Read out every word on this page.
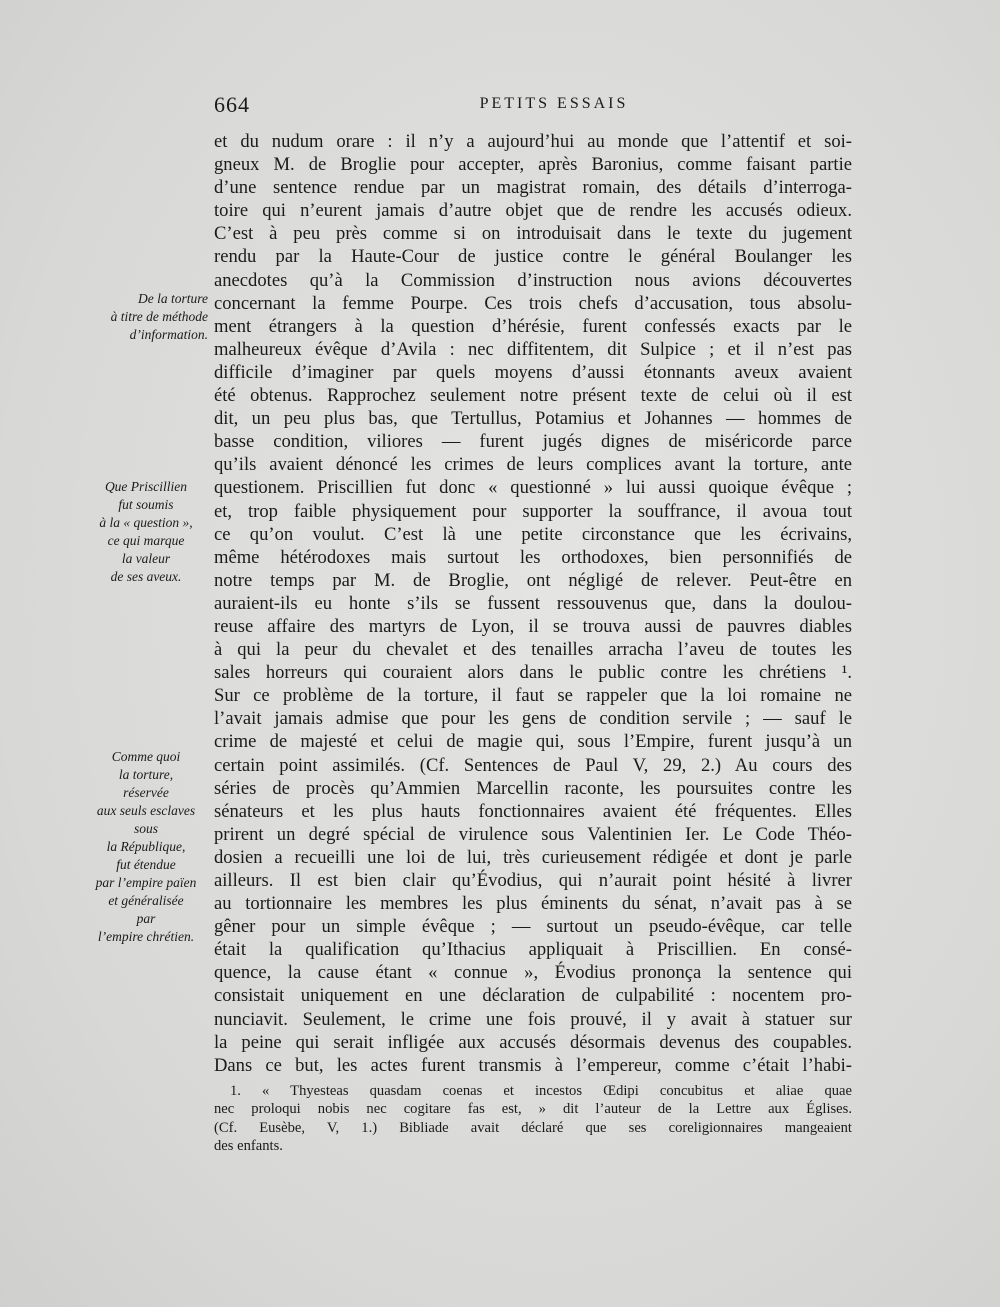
664	PETITS ESSAIS
De la torture
à titre de méthode
d’information.
Que Priscillien
fut soumis
à la « question »,
ce qui marque
la valeur
de ses aveux.
Comme quoi
la torture,
réservée
aux seuls esclaves
sous
la République,
fut étendue
par l’empire païen
et généralisée
par
l’empire chrétien.
et du nudum orare : il n’y a aujourd’hui au monde que l’attentif et soi-
gneux M. de Broglie pour accepter, après Baronius, comme faisant partie
d’une sentence rendue par un magistrat romain, des détails d’interroga-
toire qui n’eurent jamais d’autre objet que de rendre les accusés odieux.
C’est à peu près comme si on introduisait dans le texte du jugement
rendu par la Haute-Cour de justice contre le général Boulanger les
anecdotes qu’à la Commission d’instruction nous avions découvertes
concernant la femme Pourpe. Ces trois chefs d’accusation, tous absolu-
ment étrangers à la question d’hérésie, furent confessés exacts par le
malheureux évêque d’Avila : nec diffitentem, dit Sulpice ; et il n’est pas
difficile d’imaginer par quels moyens d’aussi étonnants aveux avaient
été obtenus. Rapprochez seulement notre présent texte de celui où il est
dit, un peu plus bas, que Tertullus, Potamius et Johannes — hommes de
basse condition, viliores — furent jugés dignes de miséricorde parce
qu’ils avaient dénoncé les crimes de leurs complices avant la torture, ante
questionem. Priscillien fut donc « questionné » lui aussi quoique évêque ;
et, trop faible physiquement pour supporter la souffrance, il avoua tout
ce qu’on voulut. C’est là une petite circonstance que les écrivains,
même hétérodoxes mais surtout les orthodoxes, bien personnifiés de
notre temps par M. de Broglie, ont négligé de relever. Peut-être en
auraient-ils eu honte s’ils se fussent ressouvenus que, dans la doulou-
reuse affaire des martyrs de Lyon, il se trouva aussi de pauvres diables
à qui la peur du chevalet et des tenailles arracha l’aveu de toutes les
sales horreurs qui couraient alors dans le public contre les chrétiens ¹.
Sur ce problème de la torture, il faut se rappeler que la loi romaine ne
l’avait jamais admise que pour les gens de condition servile ; — sauf le
crime de majesté et celui de magie qui, sous l’Empire, furent jusqu’à un
certain point assimilés. (Cf. Sentences de Paul V, 29, 2.) Au cours des
séries de procès qu’Ammien Marcellin raconte, les poursuites contre les
sénateurs et les plus hauts fonctionnaires avaient été fréquentes. Elles
prirent un degré spécial de virulence sous Valentinien Ier. Le Code Théo-
dosien a recueilli une loi de lui, très curieusement rédigée et dont je parle
ailleurs. Il est bien clair qu’Évodius, qui n’aurait point hésité à livrer
au tortionnaire les membres les plus éminents du sénat, n’avait pas à se
gêner pour un simple évêque ; — surtout un pseudo-évêque, car telle
était la qualification qu’Ithacius appliquait à Priscillien. En consé-
quence, la cause étant « connue », Évodius prononça la sentence qui
consistait uniquement en une déclaration de culpabilité : nocentem pro-
nunciavit. Seulement, le crime une fois prouvé, il y avait à statuer sur
la peine qui serait infligée aux accusés désormais devenus des coupables.
Dans ce but, les actes furent transmis à l’empereur, comme c’était l’habi-
1. « Thyesteas quasdam coenas et incestos Œdipi concubitus et aliae quae
nec proloqui nobis nec cogitare fas est, » dit l’auteur de la Lettre aux Églises.
(Cf. Eusèbe, V, 1.) Bibliade avait déclaré que ses coreligionnaires mangeaient
des enfants.
